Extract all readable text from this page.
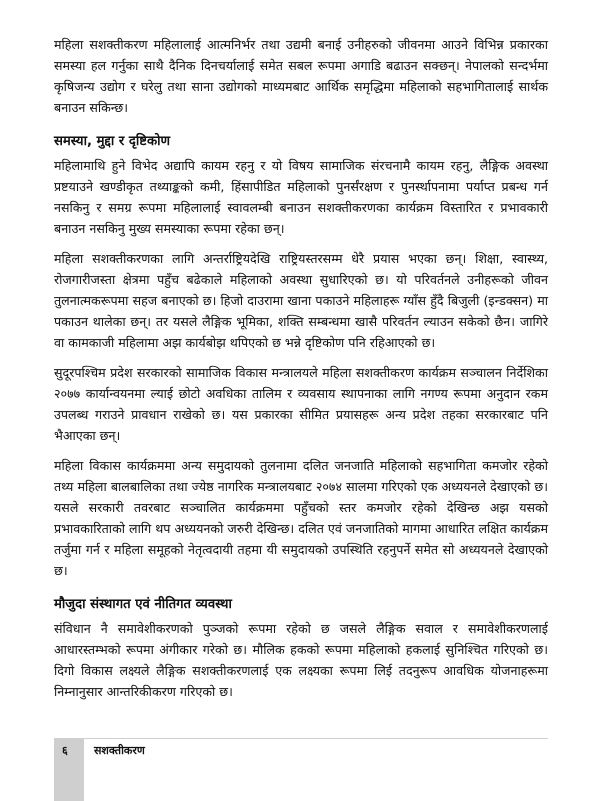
महिला सशक्तीकरण महिलालाई आत्मनिर्भर तथा उद्यमी बनाई उनीहरुको जीवनमा आउने विभिन्न प्रकारका समस्या हल गर्नुका साथै दैनिक दिनचर्यालाई समेत सबल रूपमा अगाडि बढाउन सक्छन्। नेपालको सन्दर्भमा कृषिजन्य उद्योग र घरेलु तथा साना उद्योगको माध्यमबाट आर्थिक समृद्धिमा महिलाको सहभागितालाई सार्थक बनाउन सकिन्छ।

समस्या, मुद्दा र दृष्टिकोण

महिलामाथि हुने विभेद अद्यापि कायम रहनु र यो विषय सामाजिक संरचनामै कायम रहनु, लैङ्गिक अवस्था प्रष्टयाउने खण्डीकृत तथ्याङ्कको कमी, हिंसापीडित महिलाको पुनर्संरक्षण र पुनर्स्थापनामा पर्याप्त प्रबन्ध गर्न नसकिनु र समग्र रूपमा महिलालाई स्वावलम्बी बनाउन सशक्तीकरणका कार्यक्रम विस्तारित र प्रभावकारी बनाउन नसकिनु मुख्य समस्याका रूपमा रहेका छन्।

महिला सशक्तीकरणका लागि अन्तर्राष्ट्रियदेखि राष्ट्रियस्तरसम्म धेरै प्रयास भएका छन्। शिक्षा, स्वास्थ्य, रोजगारीजस्ता क्षेत्रमा पहुँच बढेकाले महिलाको अवस्था सुधारिएको छ। यो परिवर्तनले उनीहरूको जीवन तुलनात्मकरूपमा सहज बनाएको छ। हिजो दाउरामा खाना पकाउने महिलाहरू ग्याँस हुँदै बिजुली (इन्डक्सन) मा पकाउन थालेका छन्। तर यसले लैङ्गिक भूमिका, शक्ति सम्बन्धमा खासै परिवर्तन ल्याउन सकेको छैन। जागिरे वा कामकाजी महिलामा अझ कार्यबोझ थपिएको छ भन्ने दृष्टिकोण पनि रहिआएको छ।

सुदूरपश्चिम प्रदेश सरकारको सामाजिक विकास मन्त्रालयले महिला सशक्तीकरण कार्यक्रम सञ्चालन निर्देशिका २०७७ कार्यान्वयनमा ल्याई छोटो अवधिका तालिम र व्यवसाय स्थापनाका लागि नगण्य रूपमा अनुदान रकम उपलब्ध गराउने प्रावधान राखेको छ। यस प्रकारका सीमित प्रयासहरू अन्य प्रदेश तहका सरकारबाट पनि भैआएका छन्।

महिला विकास कार्यक्रममा अन्य समुदायको तुलनामा दलित जनजाति महिलाको सहभागिता कमजोर रहेको तथ्य महिला बालबालिका तथा ज्येष्ठ नागरिक मन्त्रालयबाट २०७४ सालमा गरिएको एक अध्ययनले देखाएको छ। यसले सरकारी तवरबाट सञ्चालित कार्यक्रममा पहुँचको स्तर कमजोर रहेको देखिन्छ अझ यसको प्रभावकारिताको लागि थप अध्ययनको जरुरी देखिन्छ। दलित एवं जनजातिको मागमा आधारित लक्षित कार्यक्रम तर्जुमा गर्न र महिला समूहको नेतृत्वदायी तहमा यी समुदायको उपस्थिति रहनुपर्ने समेत सो अध्ययनले देखाएको छ।

मौजुदा संस्थागत एवं नीतिगत व्यवस्था

संविधान नै समावेशीकरणको पुञ्जको रूपमा रहेको छ जसले लैङ्गिक सवाल र समावेशीकरणलाई आधारस्तम्भको रूपमा अंगीकार गरेको छ। मौलिक हकको रूपमा महिलाको हकलाई सुनिश्चित गरिएको छ। दिगो विकास लक्ष्यले लैङ्गिक सशक्तीकरणलाई एक लक्ष्यका रूपमा लिई तदनुरूप आवधिक योजनाहरूमा निम्नानुसार आन्तरिकीकरण गरिएको छ।

६ सशक्तीकरण
